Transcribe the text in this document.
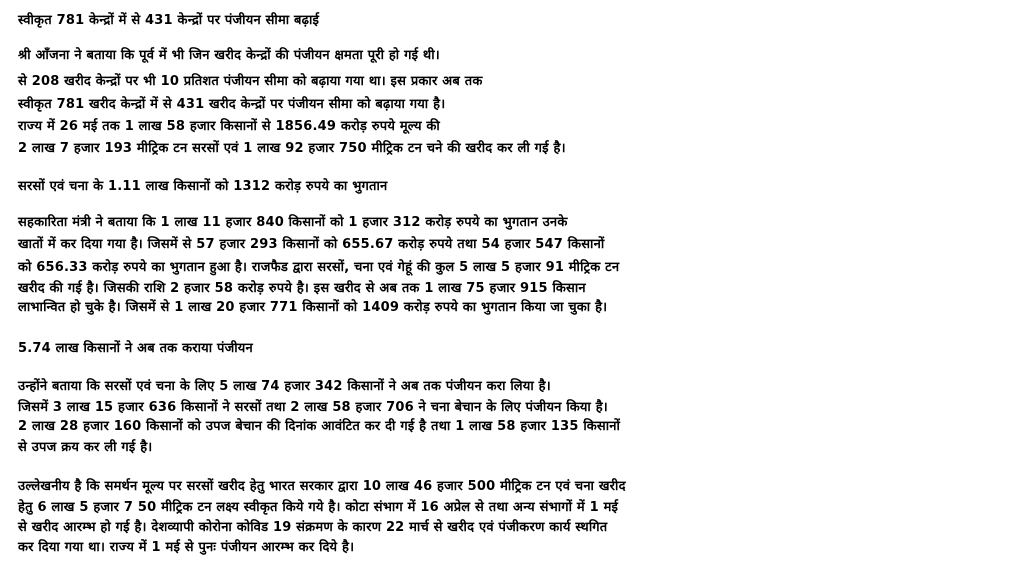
स्वीकृत 781 केन्द्रों में से 431 केन्द्रों पर पंजीयन सीमा बढ़ाई
श्री आँजना ने बताया कि पूर्व में भी जिन खरीद केन्द्रों की पंजीयन क्षमता पूरी हो गई थी।
से 208 खरीद केन्द्रों पर भी 10 प्रतिशत पंजीयन सीमा को बढ़ाया गया था। इस प्रकार अब तक
स्वीकृत 781 खरीद केन्द्रों में से 431 खरीद केन्द्रों पर पंजीयन सीमा को बढ़ाया गया है।
राज्य में 26 मई तक 1 लाख 58 हजार किसानों से 1856.49 करोड़ रुपये मूल्य की
2 लाख 7 हजार 193 मीट्रिक टन सरसों एवं 1 लाख 92 हजार 750 मीट्रिक टन चने की खरीद कर ली गई है।
सरसों एवं चना के 1.11 लाख किसानों को 1312 करोड़ रुपये का भुगतान
सहकारिता मंत्री ने बताया कि 1 लाख 11 हजार 840 किसानों को 1 हजार 312 करोड़ रुपये का भुगतान उनके
खातों में कर दिया गया है। जिसमें से 57 हजार 293 किसानों को 655.67 करोड़ रुपये तथा 54 हजार 547 किसानों
को 656.33 करोड़ रुपये का भुगतान हुआ है। राजफैड द्वारा सरसों, चना एवं गेहूं की कुल 5 लाख 5 हजार 91 मीट्रिक टन
खरीद की गई है। जिसकी राशि 2 हजार 58 करोड़ रुपये है। इस खरीद से अब तक 1 लाख 75 हजार 915 किसान
लाभान्वित हो चुके है। जिसमें से 1 लाख 20 हजार 771 किसानों को 1409 करोड़ रुपये का भुगतान किया जा चुका है।
5.74 लाख किसानों ने अब तक कराया पंजीयन
उन्होंने बताया कि सरसों एवं चना के लिए 5 लाख 74 हजार 342 किसानों ने अब तक पंजीयन करा लिया है।
जिसमें 3 लाख 15 हजार 636 किसानों ने सरसों तथा 2 लाख 58 हजार 706 ने चना बेचान के लिए पंजीयन किया है।
2 लाख 28 हजार 160 किसानों को उपज बेचान की दिनांक आवंटित कर दी गई है तथा 1 लाख 58 हजार 135 किसानों
से उपज क्रय कर ली गई है।
उल्लेखनीय है कि समर्थन मूल्य पर सरसों खरीद हेतु भारत सरकार द्वारा 10 लाख 46 हजार 500 मीट्रिक टन एवं चना खरीद
हेतु 6 लाख 5 हजार 7 50 मीट्रिक टन लक्ष्य स्वीकृत किये गये है। कोटा संभाग में 16 अप्रेल से तथा अन्य संभागों में 1 मई
से खरीद आरम्भ हो गई है। देशव्यापी कोरोना कोविड 19 संक्रमण के कारण 22 मार्च से खरीद एवं पंजीकरण कार्य स्थगित
कर दिया गया था। राज्य में 1 मई से पुनः पंजीयन आरम्भ कर दिये है।
